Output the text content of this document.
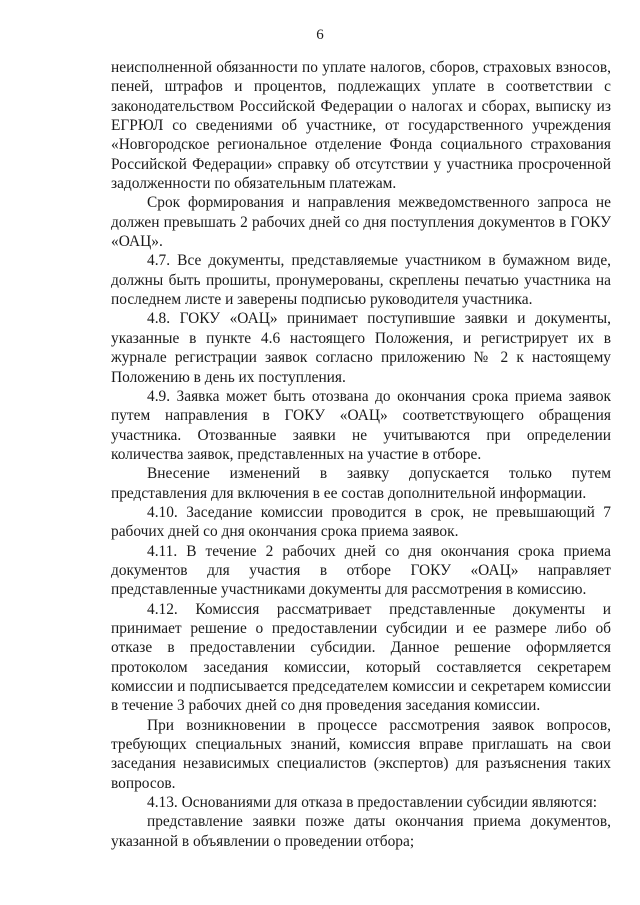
6

неисполненной обязанности по уплате налогов, сборов, страховых взносов, пеней, штрафов и процентов, подлежащих уплате в соответствии с законодательством Российской Федерации о налогах и сборах, выписку из ЕГРЮЛ со сведениями об участнике, от государственного учреждения «Новгородское региональное отделение Фонда социального страхования Российской Федерации» справку об отсутствии у участника просроченной задолженности по обязательным платежам.

Срок формирования и направления межведомственного запроса не должен превышать 2 рабочих дней со дня поступления документов в ГОКУ «ОАЦ».

4.7. Все документы, представляемые участником в бумажном виде, должны быть прошиты, пронумерованы, скреплены печатью участника на последнем листе и заверены подписью руководителя участника.

4.8. ГОКУ «ОАЦ» принимает поступившие заявки и документы, указанные в пункте 4.6 настоящего Положения, и регистрирует их в журнале регистрации заявок согласно приложению № 2 к настоящему Положению в день их поступления.

4.9. Заявка может быть отозвана до окончания срока приема заявок путем направления в ГОКУ «ОАЦ» соответствующего обращения участника. Отозванные заявки не учитываются при определении количества заявок, представленных на участие в отборе.

Внесение изменений в заявку допускается только путем представления для включения в ее состав дополнительной информации.

4.10. Заседание комиссии проводится в срок, не превышающий 7 рабочих дней со дня окончания срока приема заявок.

4.11. В течение 2 рабочих дней со дня окончания срока приема документов для участия в отборе ГОКУ «ОАЦ» направляет представленные участниками документы для рассмотрения в комиссию.

4.12. Комиссия рассматривает представленные документы и принимает решение о предоставлении субсидии и ее размере либо об отказе в предоставлении субсидии. Данное решение оформляется протоколом заседания комиссии, который составляется секретарем комиссии и подписывается председателем комиссии и секретарем комиссии в течение 3 рабочих дней со дня проведения заседания комиссии.

При возникновении в процессе рассмотрения заявок вопросов, требующих специальных знаний, комиссия вправе приглашать на свои заседания независимых специалистов (экспертов) для разъяснения таких вопросов.

4.13. Основаниями для отказа в предоставлении субсидии являются:

представление заявки позже даты окончания приема документов, указанной в объявлении о проведении отбора;
